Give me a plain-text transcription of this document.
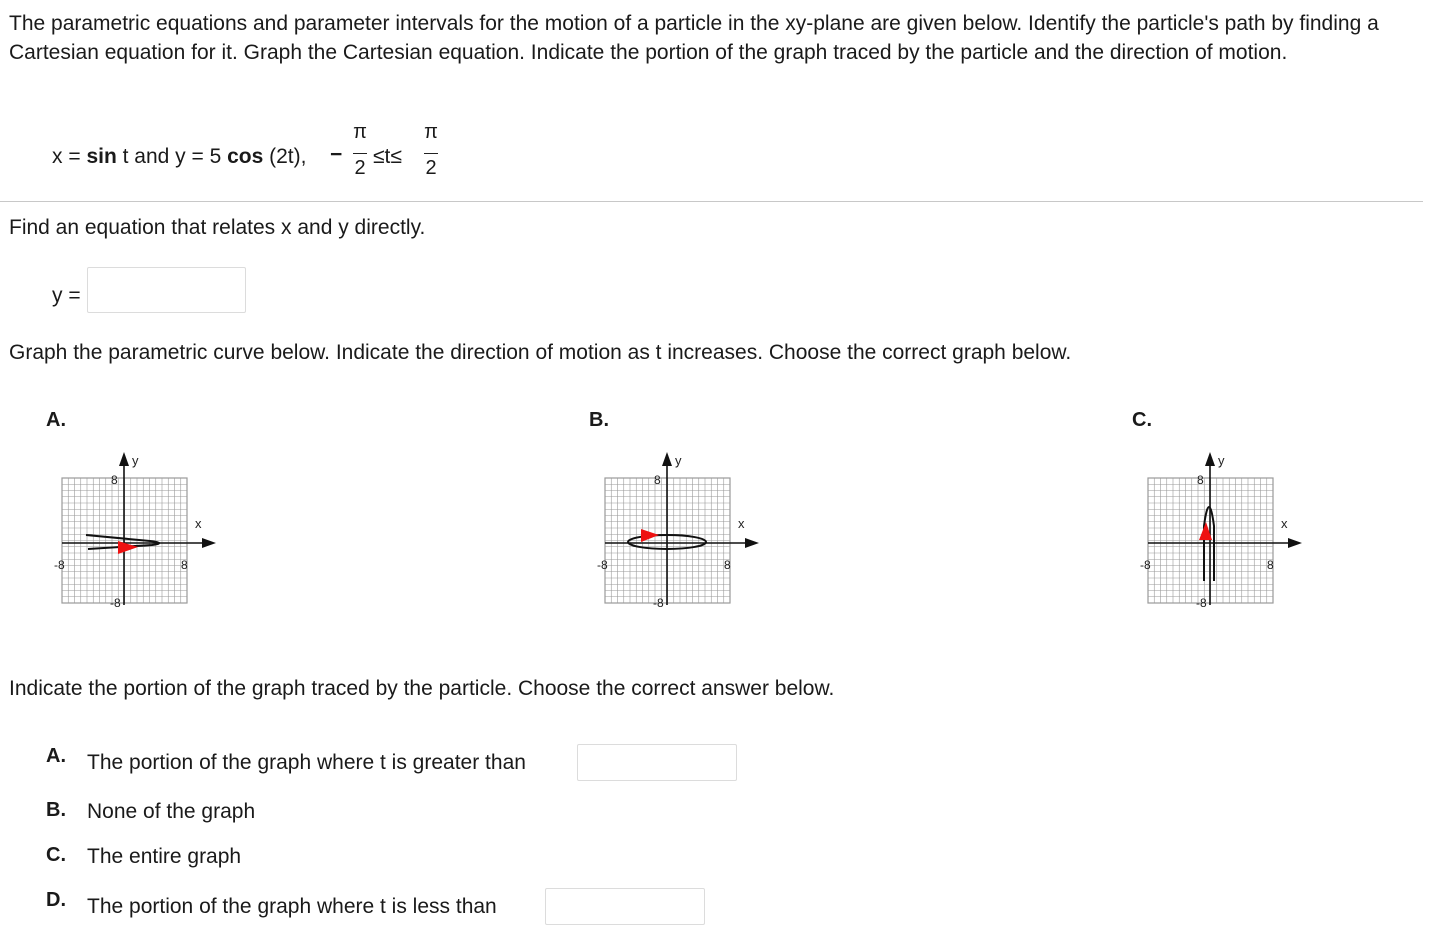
The parametric equations and parameter intervals for the motion of a particle in the xy-plane are given below. Identify the particle's path by finding a Cartesian equation for it. Graph the Cartesian equation. Indicate the portion of the graph traced by the particle and the direction of motion.
x = sin t and y = 5 cos (2t), −
π
2 ≤t≤
π
2
Find an equation that relates x and y directly.
y =
Graph the parametric curve below. Indicate the direction of motion as t increases. Choose the correct graph below.
A.	B.	C.
y
x
8
-8
-8	8
y
x
8
-8
-8	8
y
x
8
-8
-8	8
Indicate the portion of the graph traced by the particle. Choose the correct answer below.
A. The portion of the graph where t is greater than
B. None of the graph
C. The entire graph
D. The portion of the graph where t is less than
